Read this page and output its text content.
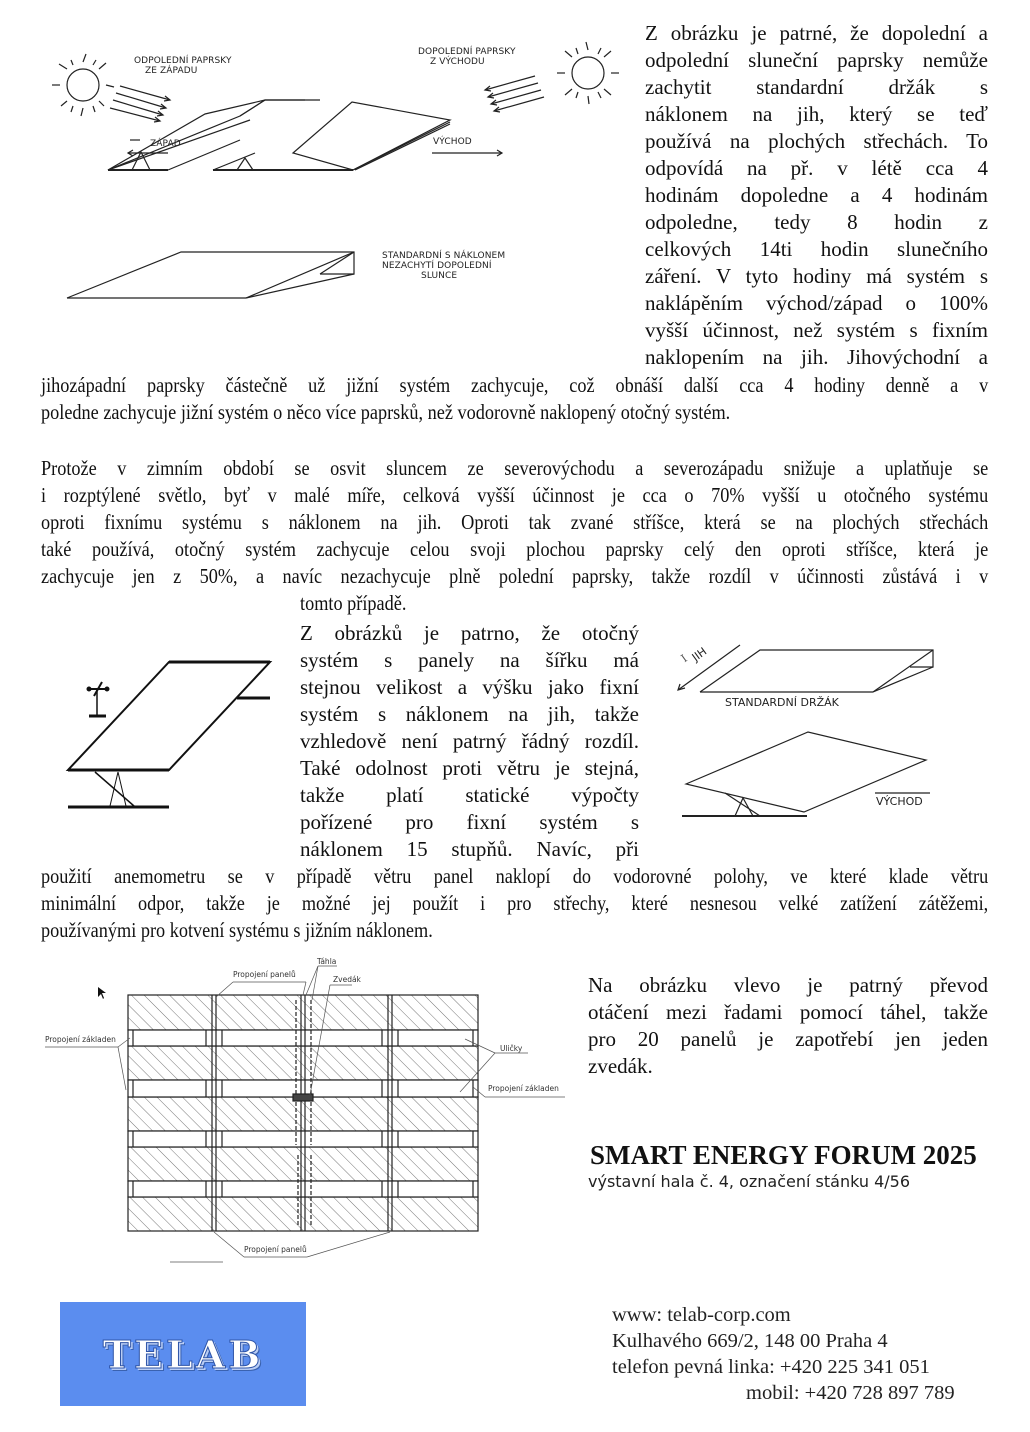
ODPOLEDNÍ PAPRSKY
ZE ZÁPADU
DOPOLEDNÍ PAPRSKY
Z VÝCHODU
ZÁPAD	VÝCHOD
STANDARDNÍ S NÁKLONEM
NEZACHYTÍ DOPOLEDNÍ
SLUNCE
Z obrázku je patrné, že dopolední a
odpolední sluneční paprsky nemůže
zachytit standardní držák s
náklonem na jih, který se teď
používá na plochých střechách. To
odpovídá na př. v létě cca 4
hodinám dopoledne a 4 hodinám
odpoledne, tedy 8 hodin z
celkových 14ti hodin slunečního
záření. V tyto hodiny má systém s
naklápěním východ/západ o 100%
vyšší účinnost, než systém s fixním
naklopením na jih. Jihovýchodní a
jihozápadní paprsky částečně už jižní systém zachycuje, což obnáší další cca 4 hodiny denně a v
poledne zachycuje jižní systém o něco více paprsků, než vodorovně naklopený otočný systém.
Protože v zimním období se osvit sluncem ze severovýchodu a severozápadu snižuje a uplatňuje se
i rozptýlené světlo, byť v malé míře, celková vyšší účinnost je cca o 70% vyšší u otočného systému
oproti fixnímu systému s náklonem na jih. Oproti tak zvané stříšce, která se na plochých střechách
také používá, otočný systém zachycuje celou svoji plochou paprsky celý den oproti stříšce, která je
zachycuje jen z 50%, a navíc nezachycuje plně polední paprsky, takže rozdíl v účinnosti zůstává i v
tomto případě.
Z obrázků je patrno, že otočný
systém s panely na šířku má
stejnou velikost a výšku jako fixní
systém s náklonem na jih, takže
vzhledově není patrný řádný rozdíl.
Také odolnost proti větru je stejná,
takže platí statické výpočty
pořízené pro fixní systém s
náklonem 15 stupňů. Navíc, při
I JIH
STANDARDNÍ DRŽÁK
VÝCHOD
použití anemometru se v případě větru panel naklopí do vodorovné polohy, ve které klade větru
minimální odpor, takže je možné jej použít i pro střechy, které nesnesou velké zatížení zátěžemi,
používanými pro kotvení systému s jižním náklonem.
Propojení panelů
Táhla
Zvedák
Propojení základen
Uličky
Propojení základen
Propojení panelů
Na obrázku vlevo je patrný převod
otáčení mezi řadami pomocí táhel, takže
pro 20 panelů je zapotřebí jen jeden
zvedák.
SMART ENERGY FORUM 2025
výstavní hala č. 4, označení stánku 4/56
TELAB
www: telab-corp.com
Kulhavého 669/2, 148 00 Praha 4
telefon pevná linka: +420 225 341 051
mobil: +420 728 897 789
